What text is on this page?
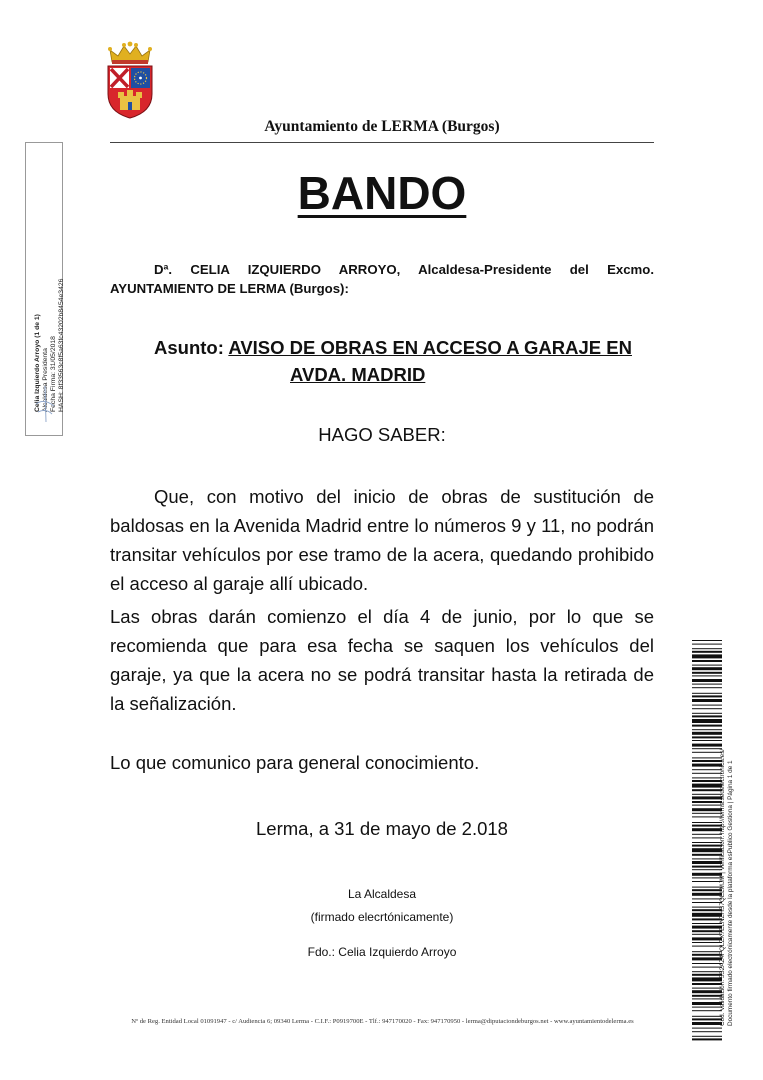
Ayuntamiento de LERMA (Burgos)
BANDO
Dª. CELIA IZQUIERDO ARROYO, Alcaldesa-Presidente del Excmo. AYUNTAMIENTO DE LERMA (Burgos):
Asunto: AVISO DE OBRAS EN ACCESO A GARAJE EN
AVDA. MADRID
HAGO SABER:
Que, con motivo del inicio de obras de sustitución de baldosas en la Avenida Madrid entre lo números 9 y 11, no podrán transitar vehículos por ese tramo de la acera, quedando prohibido el acceso al garaje allí ubicado.
Las obras darán comienzo el día 4 de junio, por lo que se recomienda que para esa fecha se saquen los vehículos del garaje, ya que la acera no se podrá transitar hasta la retirada de la señalización.
Lo que comunico para general conocimiento.
Lerma, a 31 de mayo de 2.018
La Alcaldesa
(firmado elecrtónicamente)
Fdo.: Celia Izquierdo Arroyo
Nº de Reg. Entidad Local 01091947 - c/ Audiencia 6; 09340 Lerma - C.I.F.: P0919700E - Tlf.: 947170020 - Fax: 947170950 - lerma@diputaciondeburgos.net - www.ayuntamientodelerma.es
Celia Izquierdo Arroyo (1 de 1) Alcaldesa Presidenta Fecha Firma: 31/05/2018 HASH: 8f33563c8f5a63fc43202b8454e3426
Cód. Validación: 5S2AZ4FQLZX7ELNZHS7QELMJM | Verificación: http://lerma.sedelectronica.es/ Documento firmado electrónicamente desde la plataforma esPublico Gestiona | Página 1 de 1
